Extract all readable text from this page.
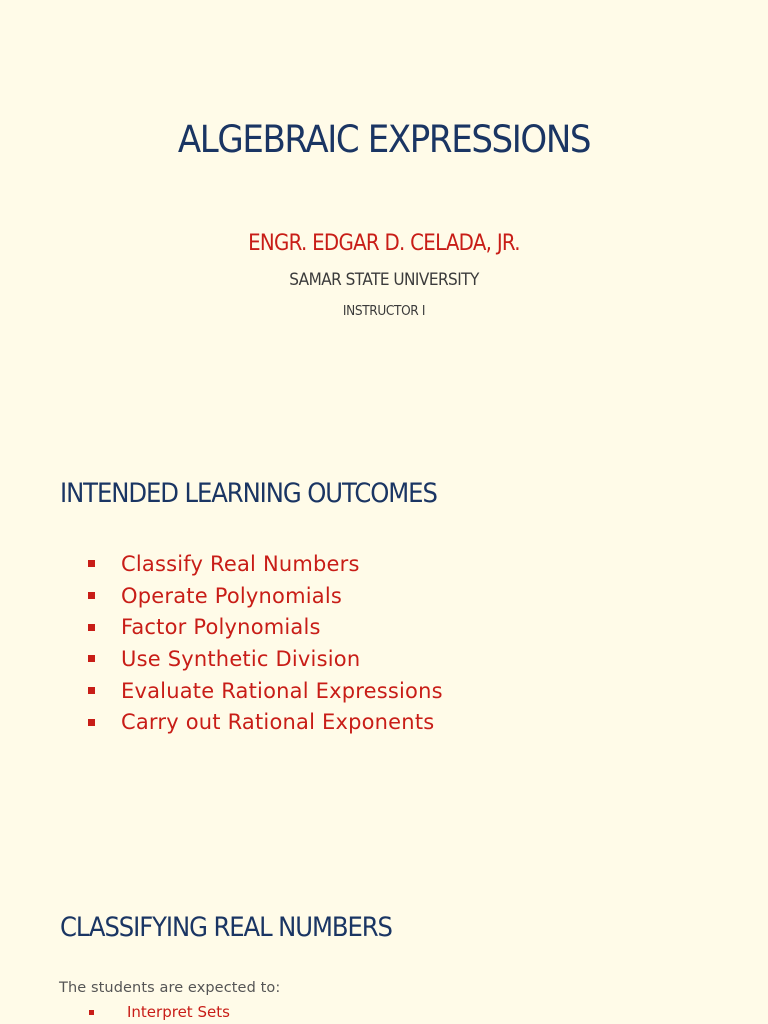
ALGEBRAIC EXPRESSIONS
ENGR. EDGAR D. CELADA, JR.
SAMAR STATE UNIVERSITY
INSTRUCTOR I
INTENDED LEARNING OUTCOMES
Classify Real Numbers
Operate Polynomials
Factor Polynomials
Use Synthetic Division
Evaluate Rational Expressions
Carry out Rational Exponents
CLASSIFYING REAL NUMBERS
The students are expected to:
Interpret Sets
